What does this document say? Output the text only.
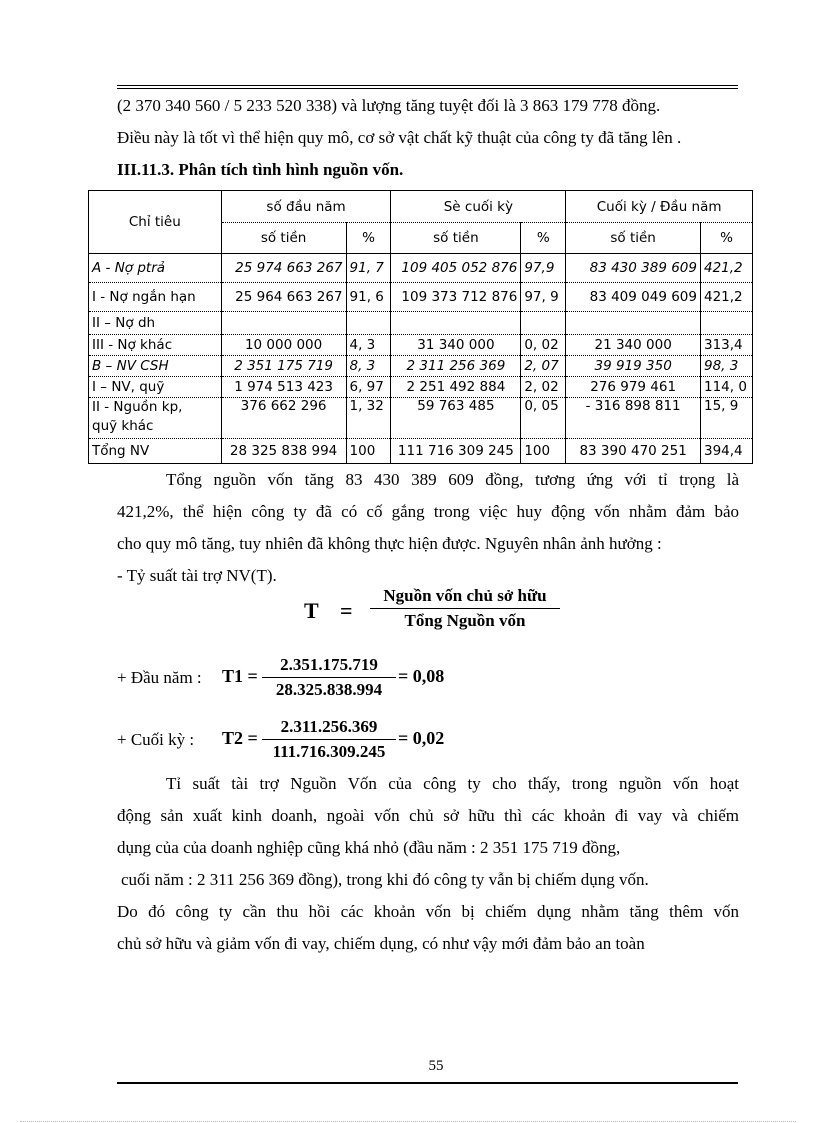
(2 370 340 560 / 5 233 520 338) và lượng tăng tuyệt đối là 3 863 179 778 đồng.
Điều này là tốt vì thể hiện quy mô, cơ sở vật chất kỹ thuật của công ty đã tăng lên .
III.11.3. Phân tích tình hình nguồn vốn.
Chỉ tiêu	số đầu năm		Sè cuối kỳ		Cuối kỳ / Đầu năm	
	số tiền	%	số tiền	%	số tiền	%
A - Nợ ptrả	25 974 663 267	91, 7	109 405 052 876	97,9	83 430 389 609	421,2
I - Nợ ngắn hạn	25 964 663 267	91, 6	109 373 712 876	97, 9	83 409 049 609	421,2
II – Nợ dh						
III - Nợ khác	10 000 000	4, 3	31 340 000	0, 02	21 340 000	313,4
B – NV CSH	2 351 175 719	8, 3	2 311 256 369	2, 07	39 919 350	98, 3
I – NV, quỹ	1 974 513 423	6, 97	2 251 492 884	2, 02	276 979 461	114, 0
II - Nguồn kp,
quỹ khác	376 662 296	1, 32	59 763 485	0, 05	- 316 898 811	15, 9
Tổng NV	28 325 838 994	100	111 716 309 245	100	83 390 470 251	394,4
Tổng nguồn vốn tăng 83 430 389 609 đồng, tương ứng với tỉ trọng là
421,2%, thể hiện công ty đã có cố gắng trong việc huy động vốn nhằm đảm bảo
cho quy mô tăng, tuy nhiên đã không thực hiện được. Nguyên nhân ảnh hưởng :
- Tỷ suất tài trợ NV(T).
T =
Nguồn vốn chủ sở hữu
Tổng Nguồn vốn
+ Đầu năm : $T1 = \frac{2.351.175.719}{28.325.838.994} = 0,08$
+ Cuối kỳ : $T2 = \frac{2.311.256.369}{111.716.309.245} = 0,02$
Tỉ suất tài trợ Nguồn Vốn của công ty cho thấy, trong nguồn vốn hoạt
động sản xuất kinh doanh, ngoài vốn chủ sở hữu thì các khoản đi vay và chiếm
dụng của của doanh nghiệp cũng khá nhỏ (đầu năm : 2 351 175 719 đồng,
cuối năm : 2 311 256 369 đồng), trong khi đó công ty vẫn bị chiếm dụng vốn.
Do đó công ty cần thu hồi các khoản vốn bị chiếm dụng nhằm tăng thêm vốn
chủ sở hữu và giảm vốn đi vay, chiếm dụng, có như vậy mới đảm bảo an toàn
55
